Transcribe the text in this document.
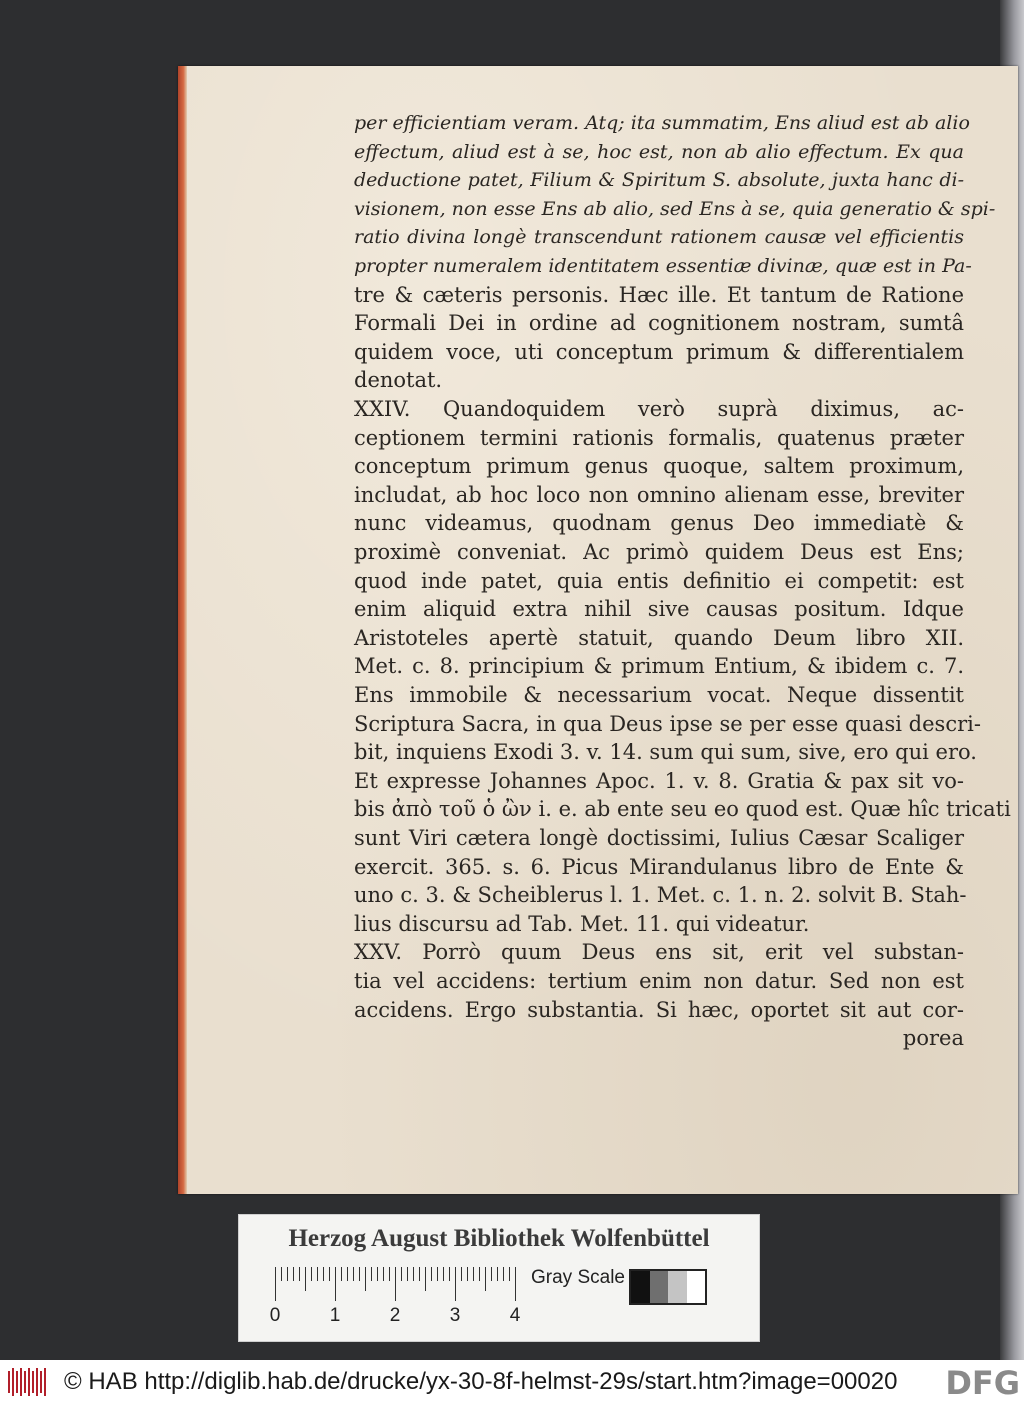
per efficientiam veram. Atq; ita summatim, Ens aliud est ab alio
effectum, aliud est à se, hoc est, non ab alio effectum. Ex qua
deductione patet, Filium & Spiritum S. absolute, juxta hanc di-
visionem, non esse Ens ab alio, sed Ens à se, quia generatio & spi-
ratio divina longè transcendunt rationem causæ vel efficientis
propter numeralem identitatem essentiæ divinæ, quæ est in Pa-
tre & cæteris personis. Hæc ille. Et tantum de Ratione
Formali Dei in ordine ad cognitionem nostram, sumtâ
quidem voce, uti conceptum primum & differentialem
denotat.
XXIV. Quandoquidem verò suprà diximus, ac-
ceptionem termini rationis formalis, quatenus præter
conceptum primum genus quoque, saltem proximum,
includat, ab hoc loco non omnino alienam esse, breviter
nunc videamus, quodnam genus Deo immediatè &
proximè conveniat. Ac primò quidem Deus est Ens;
quod inde patet, quia entis definitio ei competit: est
enim aliquid extra nihil sive causas positum. Idque
Aristoteles apertè statuit, quando Deum libro XII.
Met. c. 8. principium & primum Entium, & ibidem c. 7.
Ens immobile & necessarium vocat. Neque dissentit
Scriptura Sacra, in qua Deus ipse se per esse quasi descri-
bit, inquiens Exodi 3. v. 14. sum qui sum, sive, ero qui ero.
Et expresse Johannes Apoc. 1. v. 8. Gratia & pax sit vo-
bis ἀπὸ τοῦ ὁ ὢν i. e. ab ente seu eo quod est. Quæ hîc tricati
sunt Viri cætera longè doctissimi, Iulius Cæsar Scaliger
exercit. 365. s. 6. Picus Mirandulanus libro de Ente &
uno c. 3. & Scheiblerus l. 1. Met. c. 1. n. 2. solvit B. Stah-
lius discursu ad Tab. Met. 11. qui videatur.
XXV. Porrò quum Deus ens sit, erit vel substan-
tia vel accidens: tertium enim non datur. Sed non est
accidens. Ergo substantia. Si hæc, oportet sit aut cor-
porea
Herzog August Bibliothek Wolfenbüttel
0	1	2	3	4
Gray Scale
© HAB http://diglib.hab.de/drucke/yx-30-8f-helmst-29s/start.htm?image=00020 DFG
